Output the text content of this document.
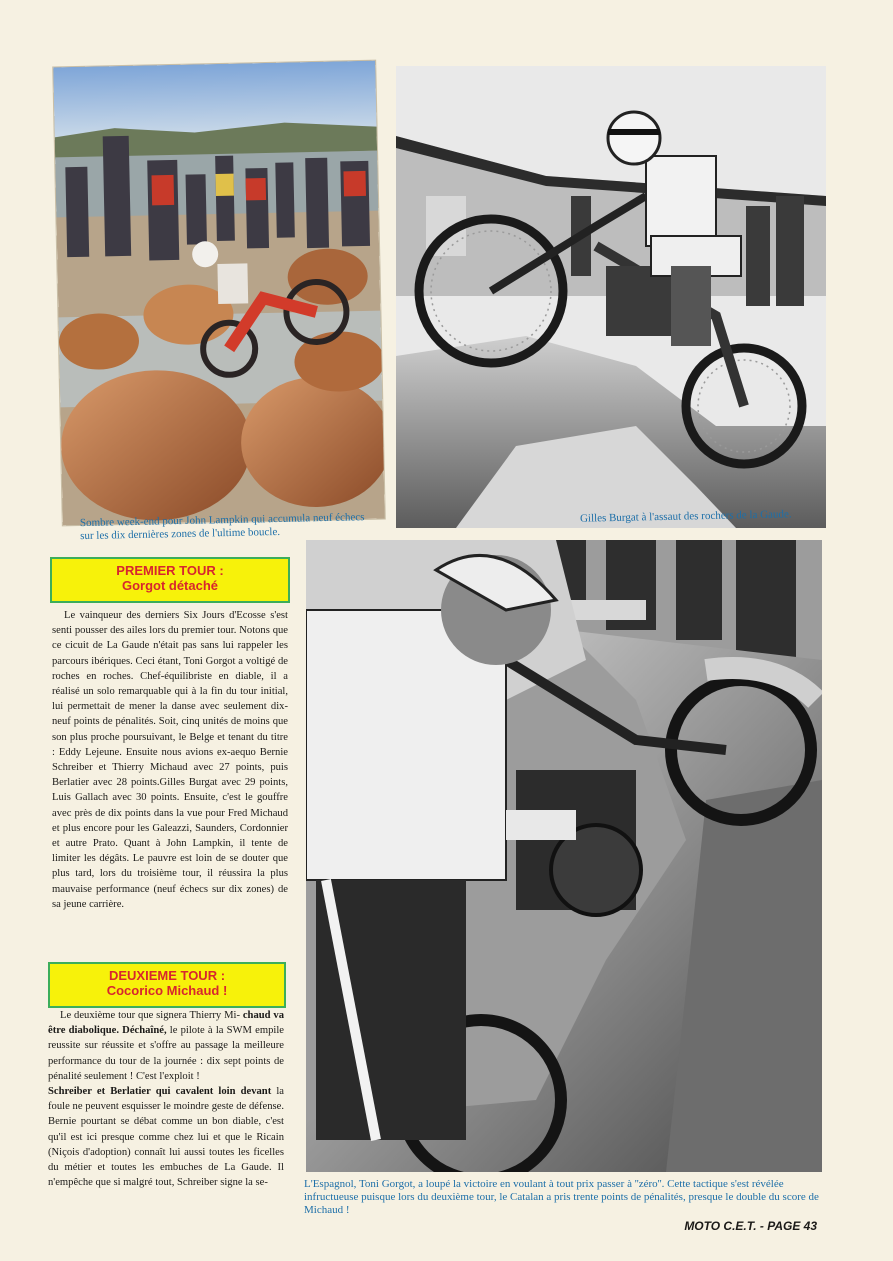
Sombre week-end pour John Lampkin qui accumula neuf échecs sur les dix dernières zones de l'ultime boucle.
Gilles Burgat à l'assaut des rochers de la Gaude.
PREMIER TOUR :
Gorgot détaché

Le vainqueur des derniers Six Jours d'Ecosse s'est senti pousser des ailes lors du premier tour. Notons que ce cicuit de La Gaude n'était pas sans lui rappeler les parcours ibériques. Ceci étant, Toni Gorgot a voltigé de roches en roches. Chef-équilibriste en diable, il a réalisé un solo remarquable qui à la fin du tour initial, lui permettait de mener la danse avec seulement dix-neuf points de pénalités. Soit, cinq unités de moins que son plus proche poursuivant, le Belge et tenant du titre : Eddy Lejeune. Ensuite nous avions ex-aequo Bernie Schreiber et Thierry Michaud avec 27 points, puis Berlatier avec 28 points.Gilles Burgat avec 29 points, Luis Gallach avec 30 points. Ensuite, c'est le gouffre avec près de dix points dans la vue pour Fred Michaud et plus encore pour les Galeazzi, Saunders, Cordonnier et autre Prato. Quant à John Lampkin, il tente de limiter les dégâts. Le pauvre est loin de se douter que plus tard, lors du troisième tour, il réussira la plus mauvaise performance (neuf échecs sur dix zones) de sa jeune carrière.

DEUXIEME TOUR :
Cocorico Michaud !

Le deuxième tour que signera Thierry Mi- chaud va être diabolique. Déchaîné, le pilote à la SWM empile reussite sur réussite et s'offre au passage la meilleure performance du tour de la journée : dix sept points de pénalité seulement ! C'est l'exploit !

Schreiber et Berlatier qui cavalent loin devant la foule ne peuvent esquisser le moindre geste de défense. Bernie pourtant se débat comme un bon diable, c'est qu'il est ici presque comme chez lui et que le Ricain (Niçois d'adoption) connaît lui aussi toutes les ficelles du métier et toutes les embuches de La Gaude. Il n'empêche que si malgré tout, Schreiber signe la se-	L'Espagnol, Toni Gorgot, a loupé la victoire en voulant à tout prix passer à ''zéro''. Cette tactique s'est révélée infructueuse puisque lors du deuxième tour, le Catalan a pris trente points de pénalités, presque le double du score de Michaud !
MOTO C.E.T. - PAGE 43
